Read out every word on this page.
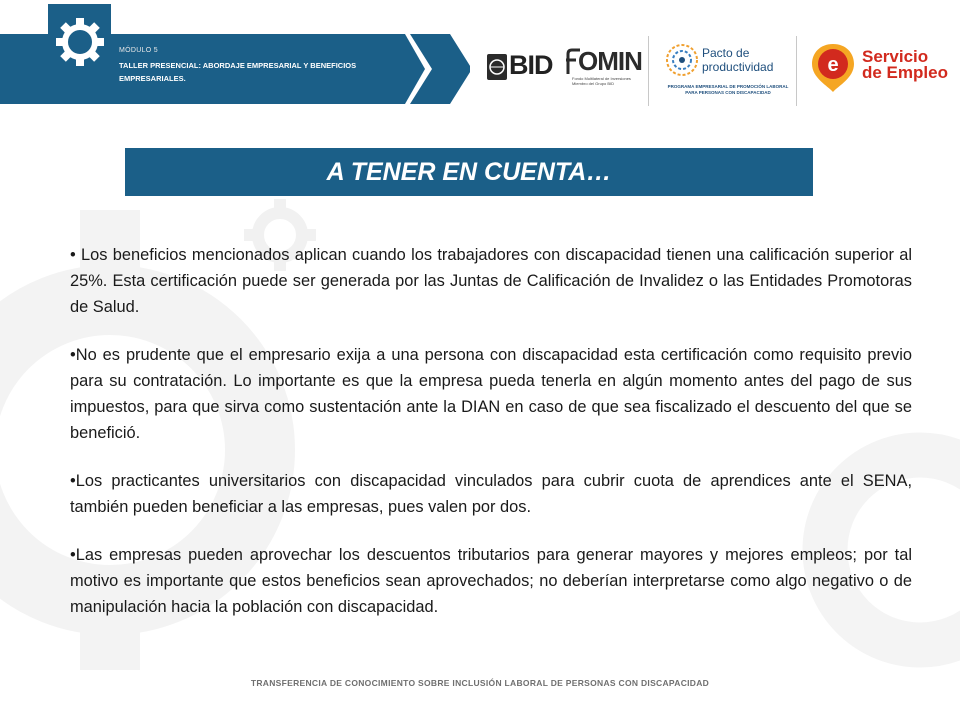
MÓDULO 5
TALLER PRESENCIAL: ABORDAJE EMPRESARIAL Y BENEFICIOS EMPRESARIALES.	BID OMIN
Fondo Multilateral de Inversiones Miembro del Grupo BID
Pacto de productividad
PROGRAMA EMPRESARIAL DE PROMOCIÓN LABORAL PARA PERSONAS CON DISCAPACIDAD
e Servicio
de Empleo
A TENER EN CUENTA…

• Los beneficios mencionados aplican cuando los trabajadores con discapacidad tienen una calificación superior al 25%. Esta certificación puede ser generada por las Juntas de Calificación de Invalidez o las Entidades Promotoras de Salud.

•No es prudente que el empresario exija a una persona con discapacidad esta certificación como requisito previo para su contratación. Lo importante es que la empresa pueda tenerla en algún momento antes del pago de sus impuestos, para que sirva como sustentación ante la DIAN en caso de que sea fiscalizado el descuento del que se benefició.

•Los practicantes universitarios con discapacidad vinculados para cubrir cuota de aprendices ante el SENA, también pueden beneficiar a las empresas, pues valen por dos.

•Las empresas pueden aprovechar los descuentos tributarios para generar mayores y mejores empleos; por tal motivo es importante que estos beneficios sean aprovechados; no deberían interpretarse como algo negativo o de manipulación hacia la población con discapacidad.

TRANSFERENCIA DE CONOCIMIENTO SOBRE INCLUSIÓN LABORAL DE PERSONAS CON DISCAPACIDAD
